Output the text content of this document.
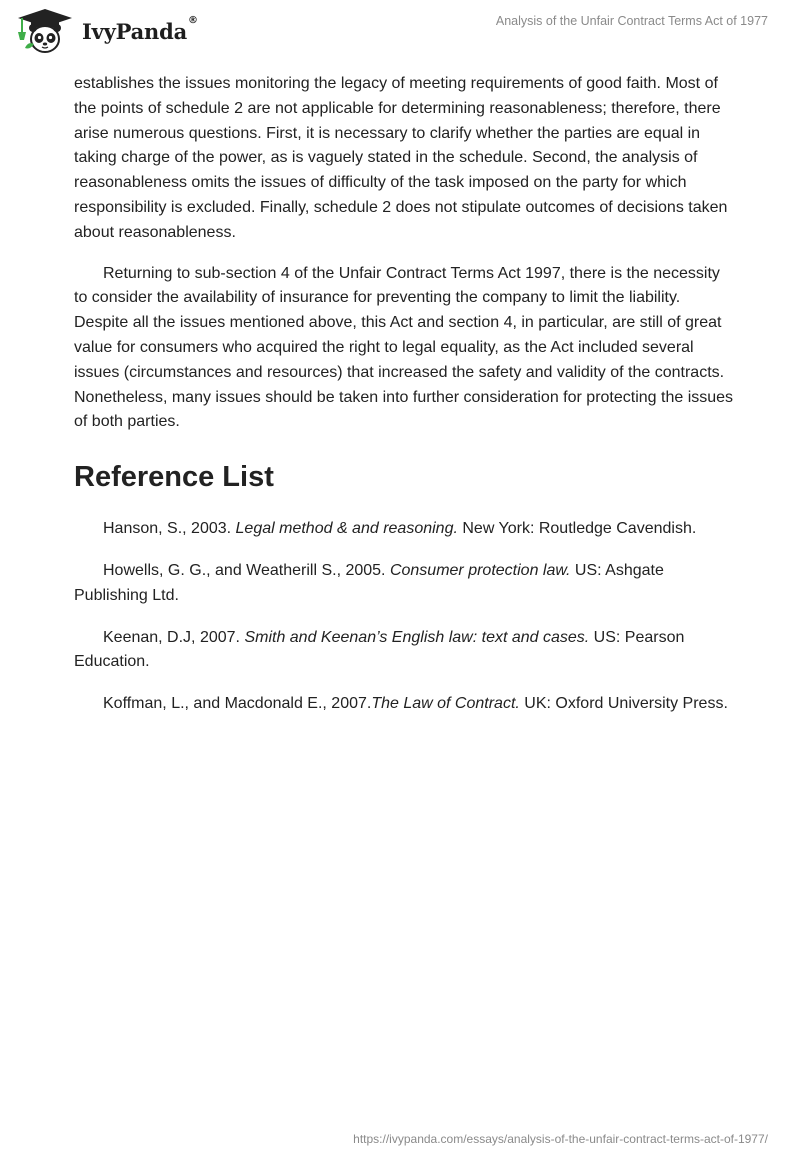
IvyPanda®	Analysis of the Unfair Contract Terms Act of 1977

establishes the issues monitoring the legacy of meeting requirements of good faith. Most of the points of schedule 2 are not applicable for determining reasonableness; therefore, there arise numerous questions. First, it is necessary to clarify whether the parties are equal in taking charge of the power, as is vaguely stated in the schedule. Second, the analysis of reasonableness omits the issues of difficulty of the task imposed on the party for which responsibility is excluded. Finally, schedule 2 does not stipulate outcomes of decisions taken about reasonableness.

Returning to sub-section 4 of the Unfair Contract Terms Act 1997, there is the necessity to consider the availability of insurance for preventing the company to limit the liability. Despite all the issues mentioned above, this Act and section 4, in particular, are still of great value for consumers who acquired the right to legal equality, as the Act included several issues (circumstances and resources) that increased the safety and validity of the contracts. Nonetheless, many issues should be taken into further consideration for protecting the issues of both parties.

Reference List

Hanson, S., 2003. Legal method & and reasoning. New York: Routledge Cavendish.

Howells, G. G., and Weatherill S., 2005. Consumer protection law. US: Ashgate Publishing Ltd.

Keenan, D.J, 2007. Smith and Keenan’s English law: text and cases. US: Pearson Education.

Koffman, L., and Macdonald E., 2007.The Law of Contract. UK: Oxford University Press.

https://ivypanda.com/essays/analysis-of-the-unfair-contract-terms-act-of-1977/
